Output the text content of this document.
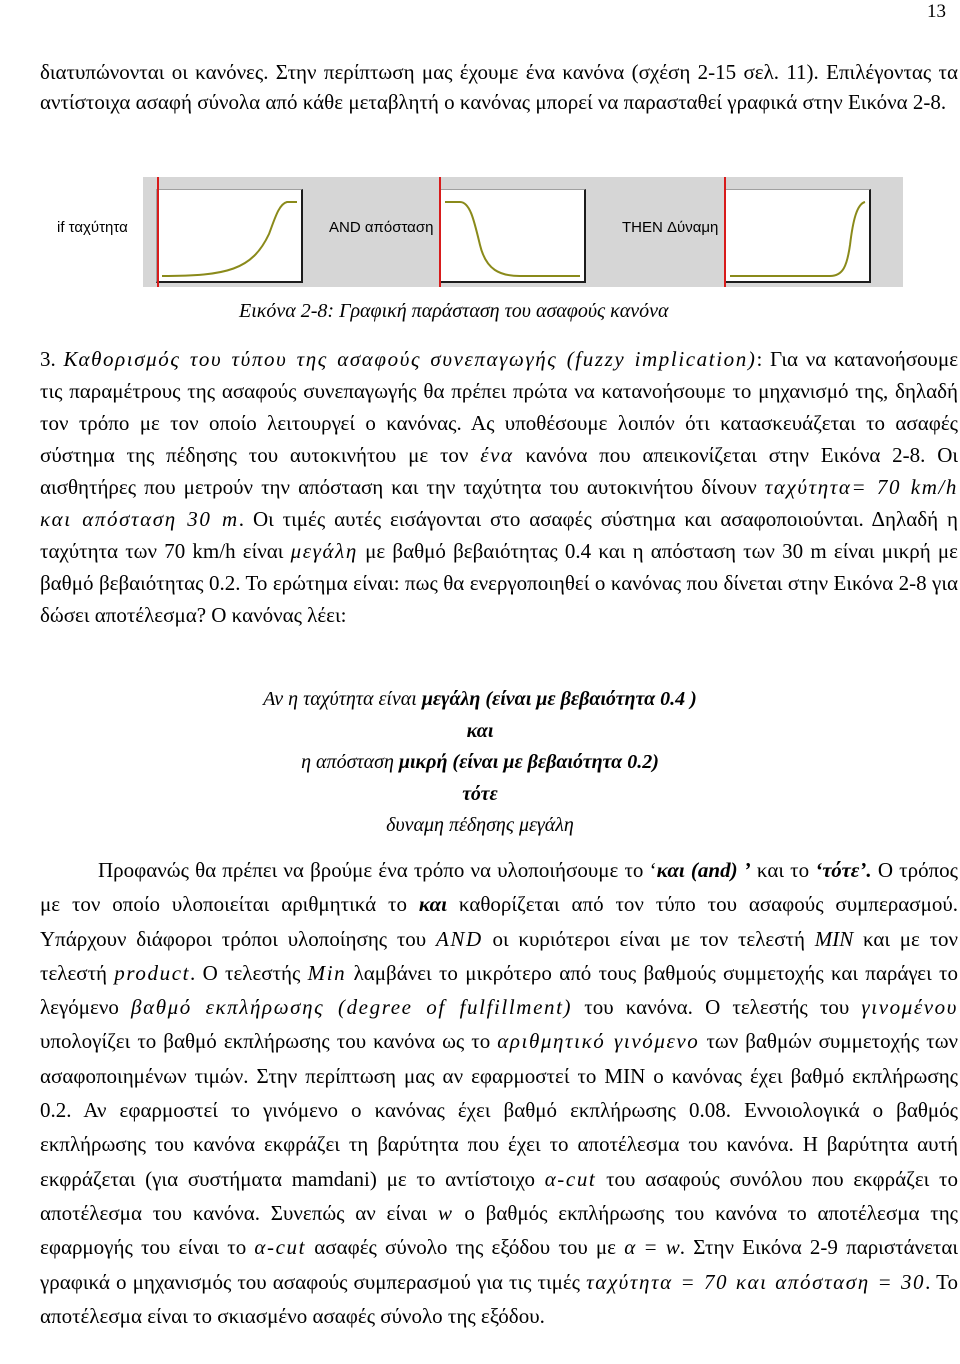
13

διατυπώνονται οι κανόνες. Στην περίπτωση μας έχουμε ένα κανόνα (σχέση 2-15 σελ. 11). Επιλέγοντας τα αντίστοιχα ασαφή σύνολα από κάθε μεταβλητή ο κανόνας μπορεί να παρασταθεί γραφικά στην Εικόνα 2-8.

if ταχύτητα	AND απόσταση	THEN Δύναμη
Εικόνα 2-8: Γραφική παράσταση του ασαφούς κανόνα

3. Καθορισμός του τύπου της ασαφούς συνεπαγωγής (fuzzy implication): Για να κατανοήσουμε τις παραμέτρους της ασαφούς συνεπαγωγής θα πρέπει πρώτα να κατανοήσουμε το μηχανισμό της, δηλαδή τον τρόπο με τον οποίο λειτουργεί ο κανόνας. Ας υποθέσουμε λοιπόν ότι κατασκευάζεται το ασαφές σύστημα της πέδησης του αυτοκινήτου με τον ένα κανόνα που απεικονίζεται στην Εικόνα 2-8. Οι αισθητήρες που μετρούν την απόσταση και την ταχύτητα του αυτοκινήτου δίνουν ταχύτητα= 70 km/h και απόσταση 30 m. Οι τιμές αυτές εισάγονται στο ασαφές σύστημα και ασαφοποιούνται. Δηλαδή η ταχύτητα των 70 km/h είναι μεγάλη με βαθμό βεβαιότητας 0.4 και η απόσταση των 30 m είναι μικρή με βαθμό βεβαιότητας 0.2. Το ερώτημα είναι: πως θα ενεργοποιηθεί ο κανόνας που δίνεται στην Εικόνα 2-8 για δώσει αποτέλεσμα? Ο κανόνας λέει:

Αν η ταχύτητα είναι μεγάλη (είναι με βεβαιότητα 0.4 )
και
η απόσταση μικρή (είναι με βεβαιότητα 0.2)
τότε
δυναμη πέδησης μεγάλη

Προφανώς θα πρέπει να βρούμε ένα τρόπο να υλοποιήσουμε το ‘και (and) ’ και το ‘τότε’. Ο τρόπος με τον οποίο υλοποιείται αριθμητικά το και καθορίζεται από τον τύπο του ασαφούς συμπερασμού. Υπάρχουν διάφοροι τρόποι υλοποίησης του AND οι κυριότεροι είναι με τον τελεστή MIN και με τον τελεστή product. Ο τελεστής Min λαμβάνει το μικρότερο από τους βαθμούς συμμετοχής και παράγει το λεγόμενο βαθμό εκπλήρωσης (degree of fulfillment) του κανόνα. Ο τελεστής του γινομένου υπολογίζει το βαθμό εκπλήρωσης του κανόνα ως το αριθμητικό γινόμενο των βαθμών συμμετοχής των ασαφοποιημένων τιμών. Στην περίπτωση μας αν εφαρμοστεί το MIN ο κανόνας έχει βαθμό εκπλήρωσης 0.2. Αν εφαρμοστεί το γινόμενο ο κανόνας έχει βαθμό εκπλήρωσης 0.08. Εννοιολογικά ο βαθμός εκπλήρωσης του κανόνα εκφράζει τη βαρύτητα που έχει το αποτέλεσμα του κανόνα. Η βαρύτητα αυτή εκφράζεται (για συστήματα mamdani) με το αντίστοιχο α-cut του ασαφούς συνόλου που εκφράζει το αποτέλεσμα του κανόνα. Συνεπώς αν είναι w ο βαθμός εκπλήρωσης του κανόνα το αποτέλεσμα της εφαρμογής του είναι το α-cut ασαφές σύνολο της εξόδου του με α = w. Στην Εικόνα 2-9 παριστάνεται γραφικά ο μηχανισμός του ασαφούς συμπερασμού για τις τιμές ταχύτητα = 70 και απόσταση = 30. Το αποτέλεσμα είναι το σκιασμένο ασαφές σύνολο της εξόδου.
